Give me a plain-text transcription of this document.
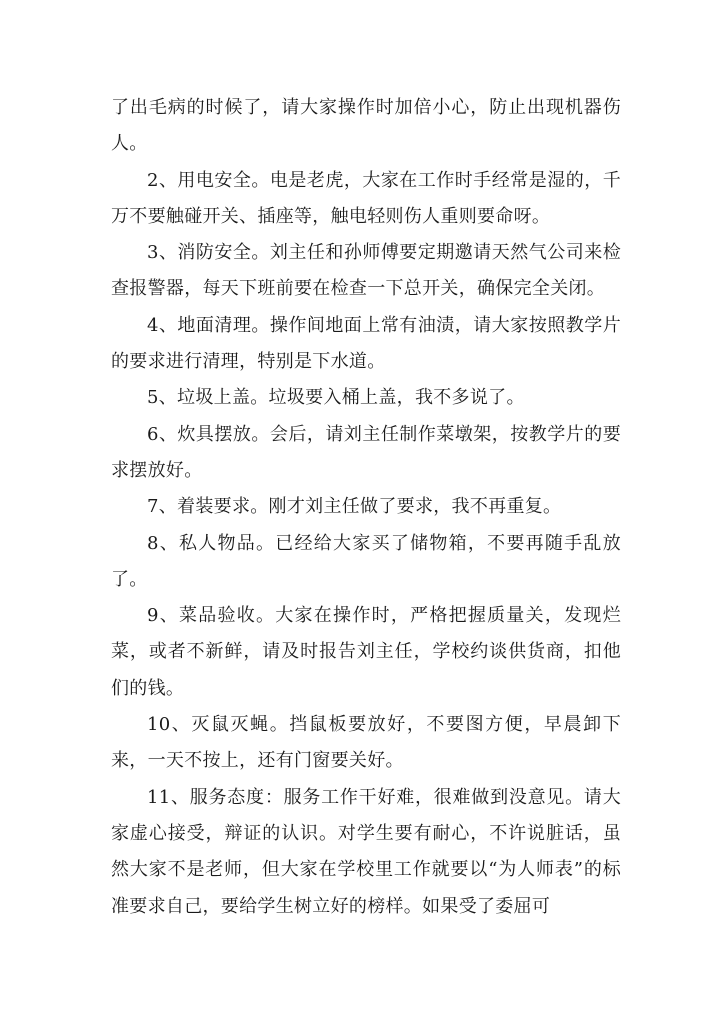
了出毛病的时候了，请大家操作时加倍小心，防止出现机器伤人。

2、用电安全。电是老虎，大家在工作时手经常是湿的，千万不要触碰开关、插座等，触电轻则伤人重则要命呀。

3、消防安全。刘主任和孙师傅要定期邀请天然气公司来检查报警器，每天下班前要在检查一下总开关，确保完全关闭。

4、地面清理。操作间地面上常有油渍，请大家按照教学片的要求进行清理，特别是下水道。

5、垃圾上盖。垃圾要入桶上盖，我不多说了。

6、炊具摆放。会后，请刘主任制作菜墩架，按教学片的要求摆放好。

7、着装要求。刚才刘主任做了要求，我不再重复。

8、私人物品。已经给大家买了储物箱，不要再随手乱放了。

9、菜品验收。大家在操作时，严格把握质量关，发现烂菜，或者不新鲜，请及时报告刘主任，学校约谈供货商，扣他们的钱。

10、灭鼠灭蝇。挡鼠板要放好，不要图方便，早晨卸下来，一天不按上，还有门窗要关好。

11、服务态度：服务工作干好难，很难做到没意见。请大家虚心接受，辩证的认识。对学生要有耐心，不许说脏话，虽然大家不是老师，但大家在学校里工作就要以“为人师表”的标准要求自己，要给学生树立好的榜样。如果受了委屈可
